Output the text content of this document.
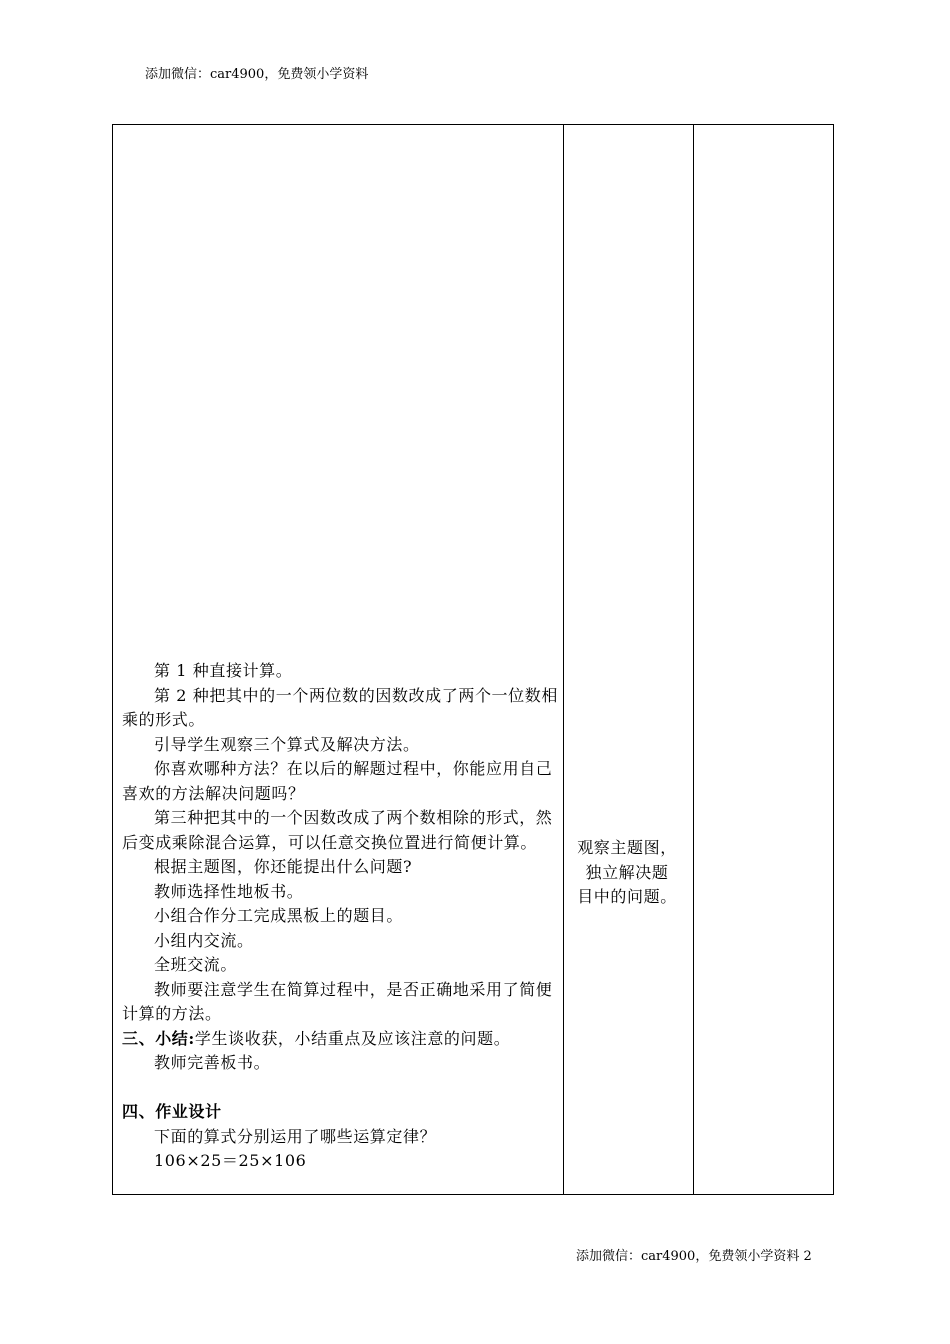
添加微信：car4900，免费领小学资料

第 1 种直接计算。

第 2 种把其中的一个两位数的因数改成了两个一位数相乘的形式。

引导学生观察三个算式及解决方法。

你喜欢哪种方法？在以后的解题过程中，你能应用自己喜欢的方法解决问题吗？

第三种把其中的一个因数改成了两个数相除的形式，然后变成乘除混合运算，可以任意交换位置进行简便计算。

根据主题图，你还能提出什么问题?

教师选择性地板书。

小组合作分工完成黑板上的题目。

小组内交流。

全班交流。

教师要注意学生在简算过程中，是否正确地采用了简便计算的方法。

三、小结:学生谈收获，小结重点及应该注意的问题。

教师完善板书。

四、作业设计

下面的算式分别运用了哪些运算定律？

106×25＝25×106

观察主题图，
独立解决题
目中的问题。
添加微信：car4900，免费领小学资料 2
